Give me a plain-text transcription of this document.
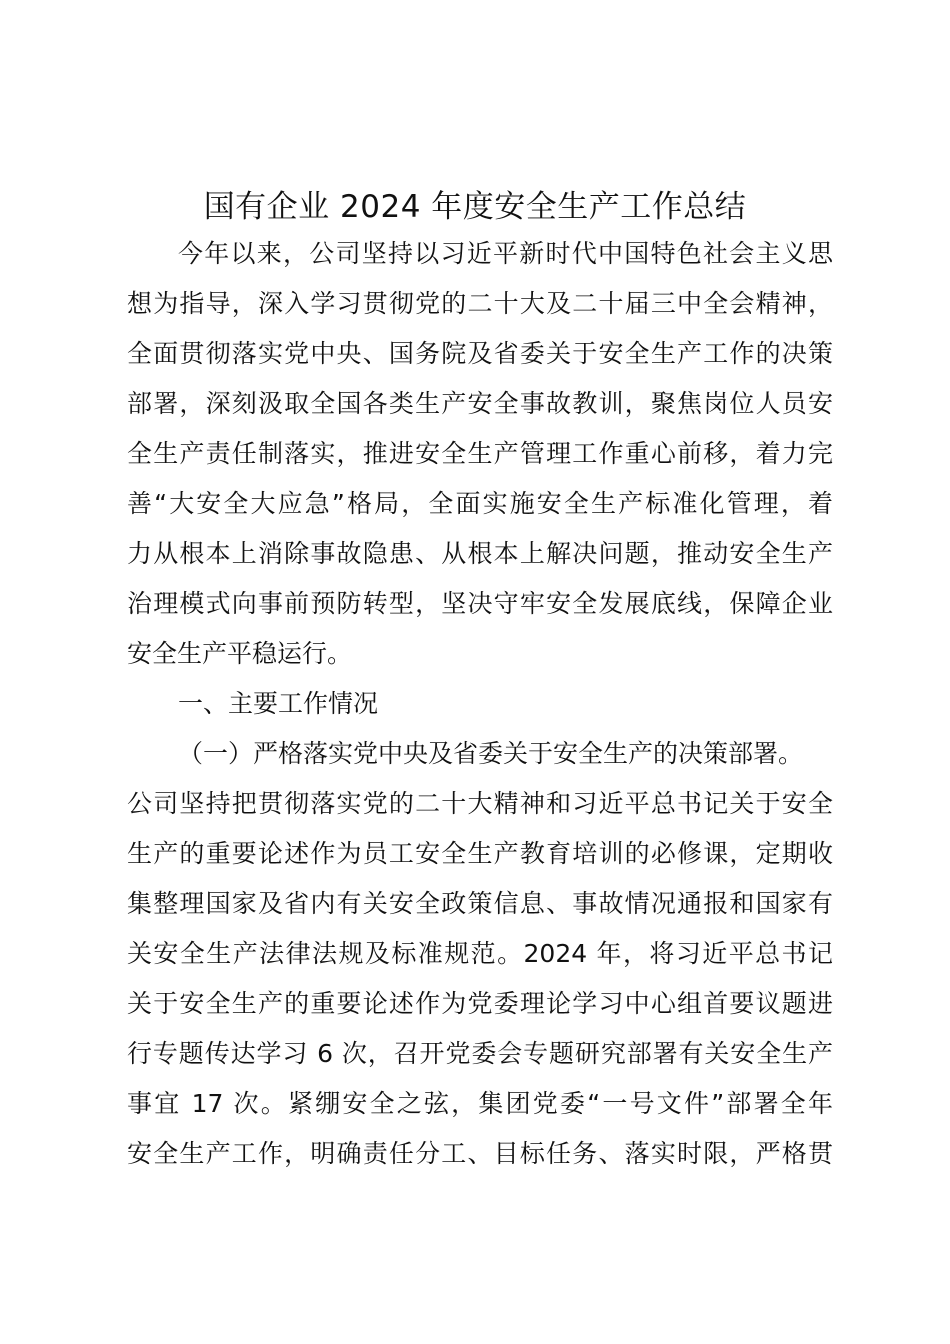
国有企业 2024 年度安全生产工作总结

今年以来，公司坚持以习近平新时代中国特色社会主义思

想为指导，深入学习贯彻党的二十大及二十届三中全会精神，

全面贯彻落实党中央、国务院及省委关于安全生产工作的决策

部署，深刻汲取全国各类生产安全事故教训，聚焦岗位人员安

全生产责任制落实，推进安全生产管理工作重心前移，着力完

善“大安全大应急”格局，全面实施安全生产标准化管理，着

力从根本上消除事故隐患、从根本上解决问题，推动安全生产

治理模式向事前预防转型，坚决守牢安全发展底线，保障企业

安全生产平稳运行。

一、主要工作情况

（一）严格落实党中央及省委关于安全生产的决策部署。

公司坚持把贯彻落实党的二十大精神和习近平总书记关于安全

生产的重要论述作为员工安全生产教育培训的必修课，定期收

集整理国家及省内有关安全政策信息、事故情况通报和国家有

关安全生产法律法规及标准规范。2024 年，将习近平总书记

关于安全生产的重要论述作为党委理论学习中心组首要议题进

行专题传达学习 6 次，召开党委会专题研究部署有关安全生产

事宜 17 次。紧绷安全之弦，集团党委“一号文件”部署全年

安全生产工作，明确责任分工、目标任务、落实时限，严格贯
